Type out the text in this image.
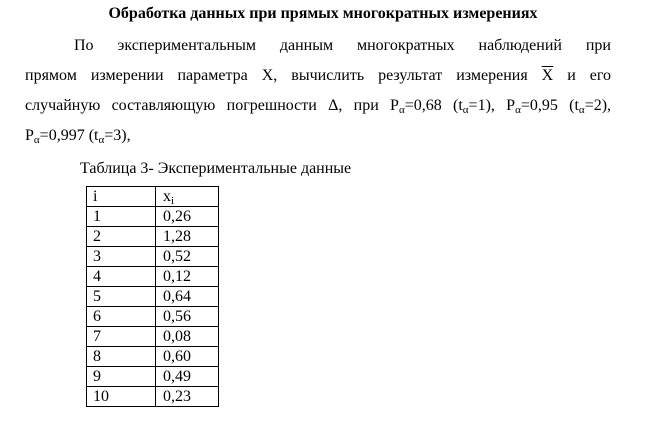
Обработка данных при прямых многократных измерениях
По экспериментальным данным многократных наблюдений при
прямом измерении параметра Х, вычислить результат измерения Х и его
случайную составляющую погрешности Δ, при $P_\alpha=0,68$ $(t_\alpha=1)$, $P_\alpha=0,95$ $(t_\alpha=2)$,
$P_\alpha=0,997$ $(t_\alpha=3)$,
Таблица 3- Экспериментальные данные
i	$x_i$
1	0,26
2	1,28
3	0,52
4	0,12
5	0,64
6	0,56
7	0,08
8	0,60
9	0,49
10	0,23
